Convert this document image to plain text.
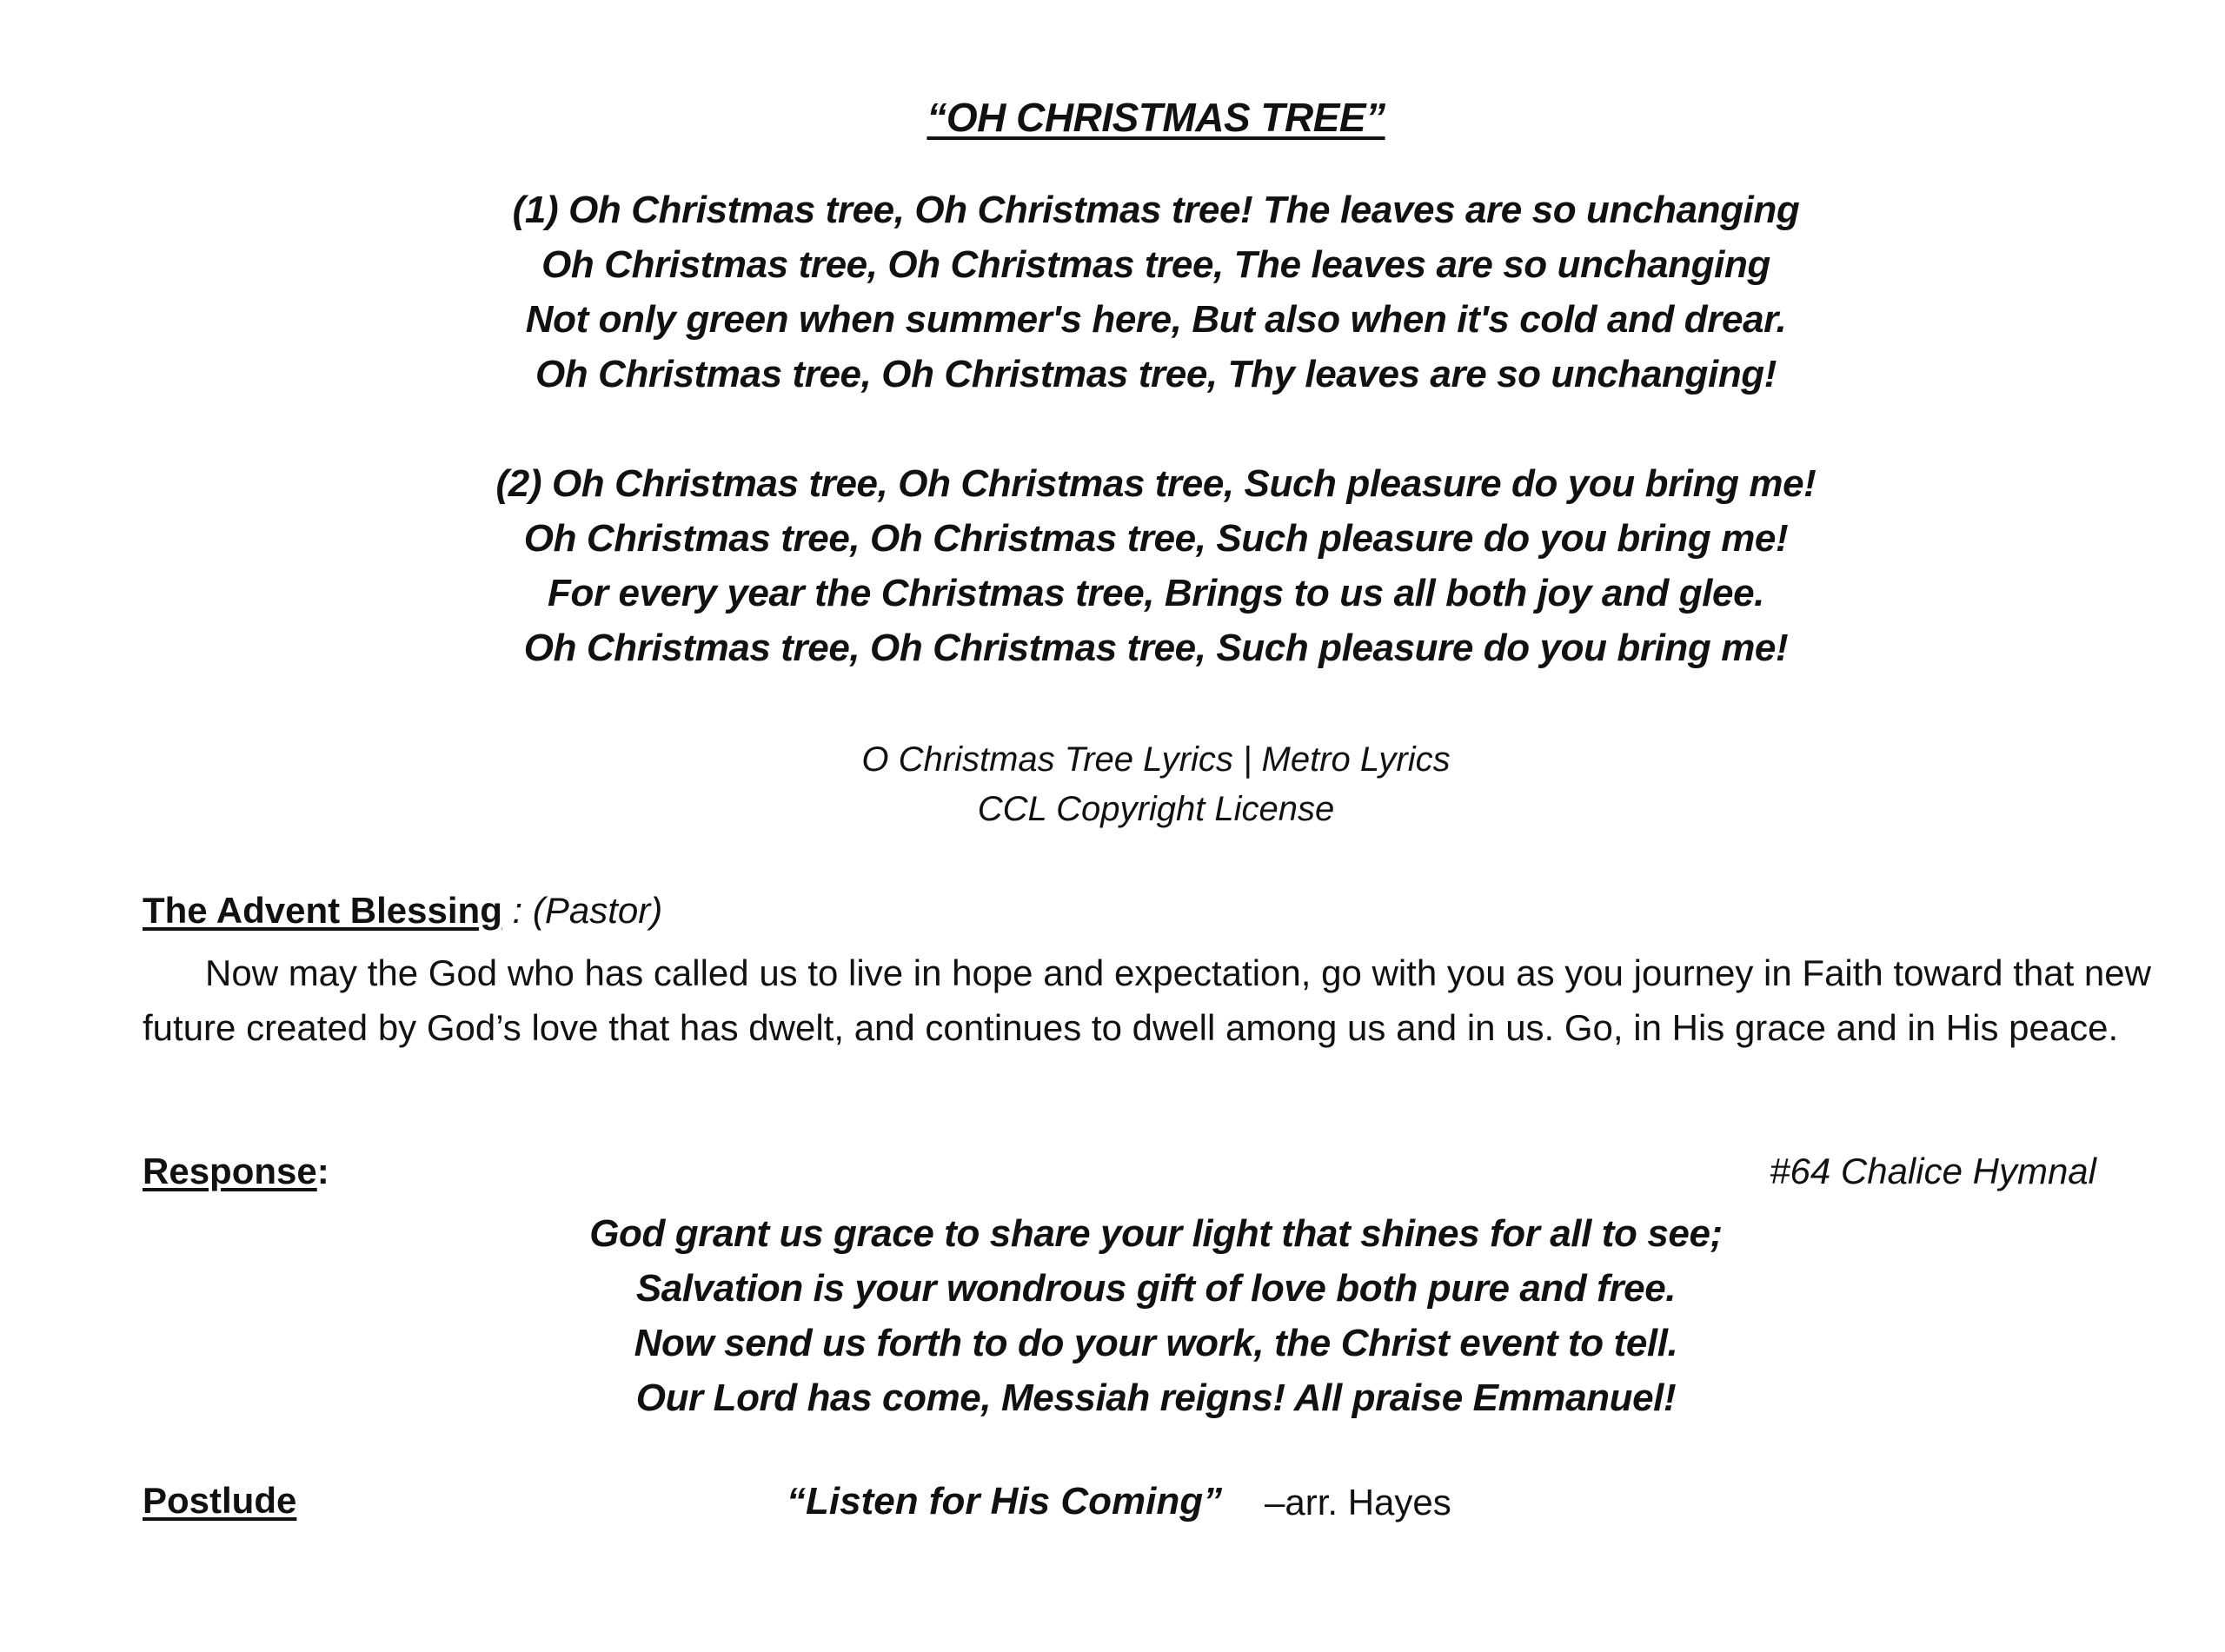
“OH CHRISTMAS TREE”
(1) Oh Christmas tree, Oh Christmas tree! The leaves are so unchanging
Oh Christmas tree, Oh Christmas tree, The leaves are so unchanging
Not only green when summer's here, But also when it's cold and drear.
Oh Christmas tree, Oh Christmas tree, Thy leaves are so unchanging!
(2) Oh Christmas tree, Oh Christmas tree, Such pleasure do you bring me!
Oh Christmas tree, Oh Christmas tree, Such pleasure do you bring me!
For every year the Christmas tree, Brings to us all both joy and glee.
Oh Christmas tree, Oh Christmas tree, Such pleasure do you bring me!
O Christmas Tree Lyrics | Metro Lyrics
CCL Copyright License
The Advent Blessing : (Pastor)

Now may the God who has called us to live in hope and expectation, go with you as you journey in Faith toward that new future created by God’s love that has dwelt, and continues to dwell among us and in us. Go, in His grace and in His peace.

Response:	#64 Chalice Hymnal
God grant us grace to share your light that shines for all to see;
Salvation is your wondrous gift of love both pure and free.
Now send us forth to do your work, the Christ event to tell.
Our Lord has come, Messiah reigns! All praise Emmanuel!
Postlude	“Listen for His Coming” –arr. Hayes
